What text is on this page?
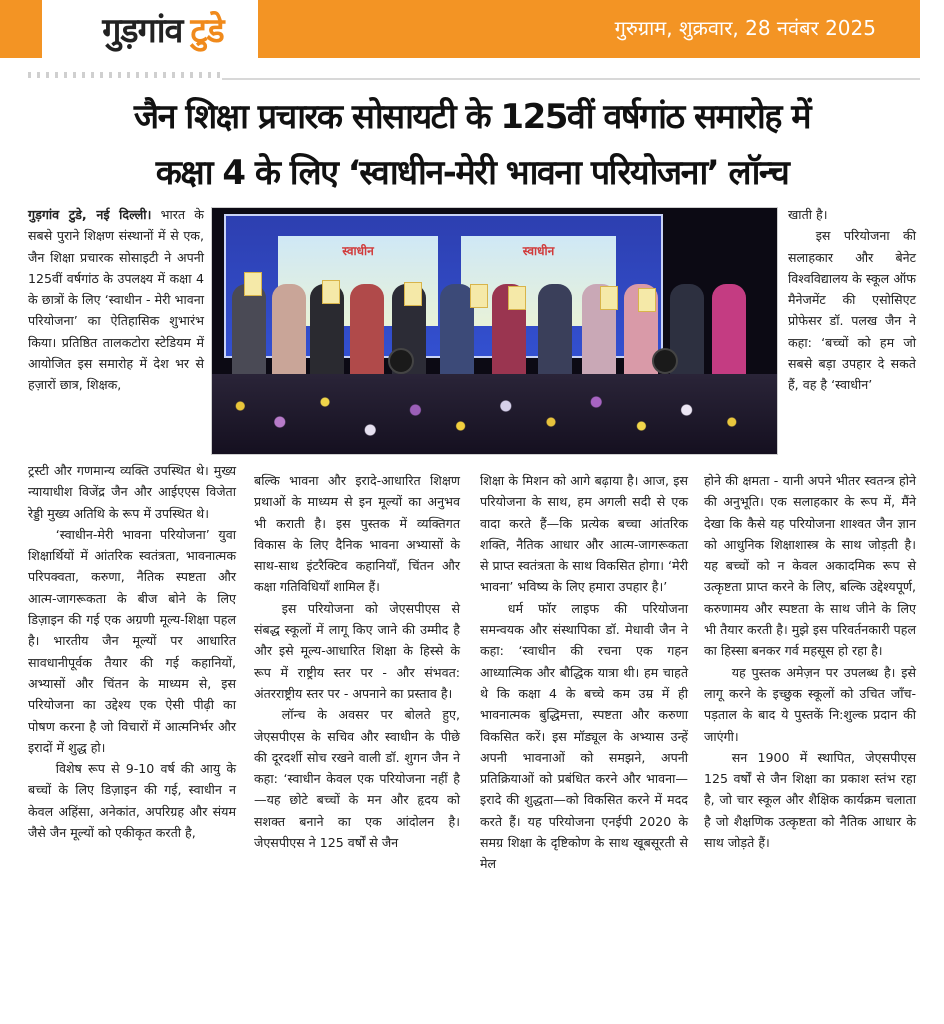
गुड़गांव टुडे	गुरुग्राम, शुक्रवार, 28 नवंबर 2025
जैन शिक्षा प्रचारक सोसायटी के 125वीं वर्षगांठ समारोह में
कक्षा 4 के लिए ‘स्वाधीन-मेरी भावना परियोजना’ लॉन्च

गुड़गांव टुडे, नई दिल्ली। भारत के सबसे पुराने शिक्षण संस्थानों में से एक, जैन शिक्षा प्रचारक सोसाइटी ने अपनी 125वीं वर्षगांठ के उपलक्ष्य में कक्षा 4 के छात्रों के लिए ‘स्वाधीन - मेरी भावना परियोजना’ का ऐतिहासिक शुभारंभ किया। प्रतिष्ठित तालकटोरा स्टेडियम में आयोजित इस समारोह में देश भर से हज़ारों छात्र, शिक्षक,

स्वाधीन	स्वाधीन

खाती है।

इस परियोजना की सलाहकार और बेनेट विश्वविद्यालय के स्कूल ऑफ मैनेजमेंट की एसोसिएट प्रोफेसर डॉ. पलख जैन ने कहा: ‘बच्चों को हम जो सबसे बड़ा उपहार दे सकते हैं, वह है ‘स्वाधीन’

ट्रस्टी और गणमान्य व्यक्ति उपस्थित थे। मुख्य न्यायाधीश विजेंद्र जैन और आईएएस विजेता रेड्डी मुख्य अतिथि के रूप में उपस्थित थे।

‘स्वाधीन-मेरी भावना परियोजना’ युवा शिक्षार्थियों में आंतरिक स्वतंत्रता, भावनात्मक परिपक्वता, करुणा, नैतिक स्पष्टता और आत्म-जागरूकता के बीज बोने के लिए डिज़ाइन की गई एक अग्रणी मूल्य-शिक्षा पहल है। भारतीय जैन मूल्यों पर आधारित सावधानीपूर्वक तैयार की गई कहानियों, अभ्यासों और चिंतन के माध्यम से, इस परियोजना का उद्देश्य एक ऐसी पीढ़ी का पोषण करना है जो विचारों में आत्मनिर्भर और इरादों में शुद्ध हो।

विशेष रूप से 9-10 वर्ष की आयु के बच्चों के लिए डिज़ाइन की गई, स्वाधीन न केवल अहिंसा, अनेकांत, अपरिग्रह और संयम जैसे जैन मूल्यों को एकीकृत करती है,

बल्कि भावना और इरादे-आधारित शिक्षण प्रथाओं के माध्यम से इन मूल्यों का अनुभव भी कराती है। इस पुस्तक में व्यक्तिगत विकास के लिए दैनिक भावना अभ्यासों के साथ-साथ इंटरैक्टिव कहानियाँ, चिंतन और कक्षा गतिविधियाँ शामिल हैं।

इस परियोजना को जेएसपीएस से संबद्ध स्कूलों में लागू किए जाने की उम्मीद है और इसे मूल्य-आधारित शिक्षा के हिस्से के रूप में राष्ट्रीय स्तर पर - और संभवत: अंतरराष्ट्रीय स्तर पर - अपनाने का प्रस्ताव है।

लॉन्च के अवसर पर बोलते हुए, जेएसपीएस के सचिव और स्वाधीन के पीछे की दूरदर्शी सोच रखने वाली डॉ. शुगन जैन ने कहा: ‘स्वाधीन केवल एक परियोजना नहीं है—यह छोटे बच्चों के मन और हृदय को सशक्त बनाने का एक आंदोलन है। जेएसपीएस ने 125 वर्षों से जैन

शिक्षा के मिशन को आगे बढ़ाया है। आज, इस परियोजना के साथ, हम अगली सदी से एक वादा करते हैं—कि प्रत्येक बच्चा आंतरिक शक्ति, नैतिक आधार और आत्म-जागरूकता से प्राप्त स्वतंत्रता के साथ विकसित होगा। ‘मेरी भावना’ भविष्य के लिए हमारा उपहार है।’

धर्म फॉर लाइफ की परियोजना समन्वयक और संस्थापिका डॉ. मेधावी जैन ने कहा: ‘स्वाधीन की रचना एक गहन आध्यात्मिक और बौद्धिक यात्रा थी। हम चाहते थे कि कक्षा 4 के बच्चे कम उम्र में ही भावनात्मक बुद्धिमत्ता, स्पष्टता और करुणा विकसित करें। इस मॉड्यूल के अभ्यास उन्हें अपनी भावनाओं को समझने, अपनी प्रतिक्रियाओं को प्रबंधित करने और भावना—इरादे की शुद्धता—को विकसित करने में मदद करते हैं। यह परियोजना एनईपी 2020 के समग्र शिक्षा के दृष्टिकोण के साथ खूबसूरती से मेल

होने की क्षमता - यानी अपने भीतर स्वतन्त्र होने की अनुभूति। एक सलाहकार के रूप में, मैंने देखा कि कैसे यह परियोजना शाश्वत जैन ज्ञान को आधुनिक शिक्षाशास्त्र के साथ जोड़ती है। यह बच्चों को न केवल अकादमिक रूप से उत्कृष्टता प्राप्त करने के लिए, बल्कि उद्देश्यपूर्ण, करुणामय और स्पष्टता के साथ जीने के लिए भी तैयार करती है। मुझे इस परिवर्तनकारी पहल का हिस्सा बनकर गर्व महसूस हो रहा है।

यह पुस्तक अमेज़न पर उपलब्ध है। इसे लागू करने के इच्छुक स्कूलों को उचित जाँच-पड़ताल के बाद ये पुस्तकें नि:शुल्क प्रदान की जाएंगी।

सन 1900 में स्थापित, जेएसपीएस 125 वर्षों से जैन शिक्षा का प्रकाश स्तंभ रहा है, जो चार स्कूल और शैक्षिक कार्यक्रम चलाता है जो शैक्षणिक उत्कृष्टता को नैतिक आधार के साथ जोड़ते हैं।
